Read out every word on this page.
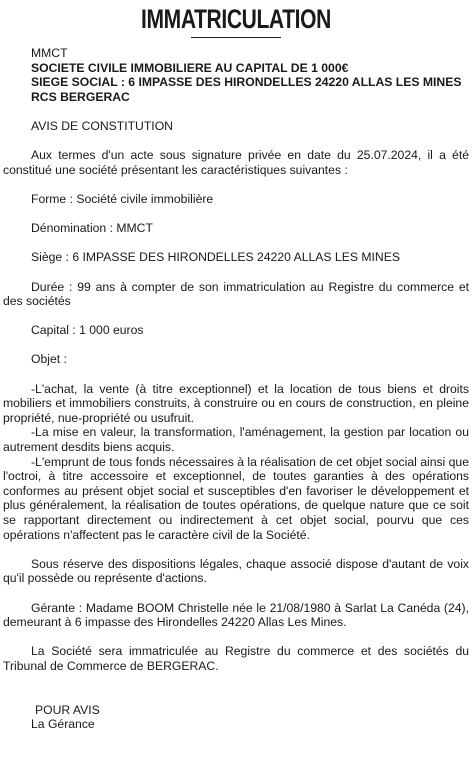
IMMATRICULATION
MMCT
SOCIETE CIVILE IMMOBILIERE AU CAPITAL DE 1 000€
SIEGE SOCIAL : 6 IMPASSE DES HIRONDELLES 24220 ALLAS LES MINES
RCS BERGERAC
AVIS DE CONSTITUTION

Aux termes d'un acte sous signature privée en date du 25.07.2024, il a été constitué une société présentant les caractéristiques suivantes :

Forme : Société civile immobilière
Dénomination : MMCT
Siège : 6 IMPASSE DES HIRONDELLES 24220 ALLAS LES MINES

Durée : 99 ans à compter de son immatriculation au Registre du commerce et des sociétés

Capital : 1 000 euros
Objet :

-L'achat, la vente (à titre exceptionnel) et la location de tous biens et droits mobiliers et immobiliers construits, à construire ou en cours de construction, en pleine propriété, nue-propriété ou usufruit.

-La mise en valeur, la transformation, l'aménagement, la gestion par location ou autrement desdits biens acquis.

-L'emprunt de tous fonds nécessaires à la réalisation de cet objet social ainsi que l'octroi, à titre accessoire et exceptionnel, de toutes garanties à des opérations conformes au présent objet social et susceptibles d'en favoriser le développement et plus généralement, la réalisation de toutes opérations, de quelque nature que ce soit se rapportant directement ou indirectement à cet objet social, pourvu que ces opérations n'affectent pas le caractère civil de la Société.

Sous réserve des dispositions légales, chaque associé dispose d'autant de voix qu'il possède ou représente d'actions.

Gérante : Madame BOOM Christelle née le 21/08/1980 à Sarlat La Canéda (24), demeurant à 6 impasse des Hirondelles 24220 Allas Les Mines.

La Société sera immatriculée au Registre du commerce et des sociétés du Tribunal de Commerce de BERGERAC.

POUR AVIS
La Gérance
